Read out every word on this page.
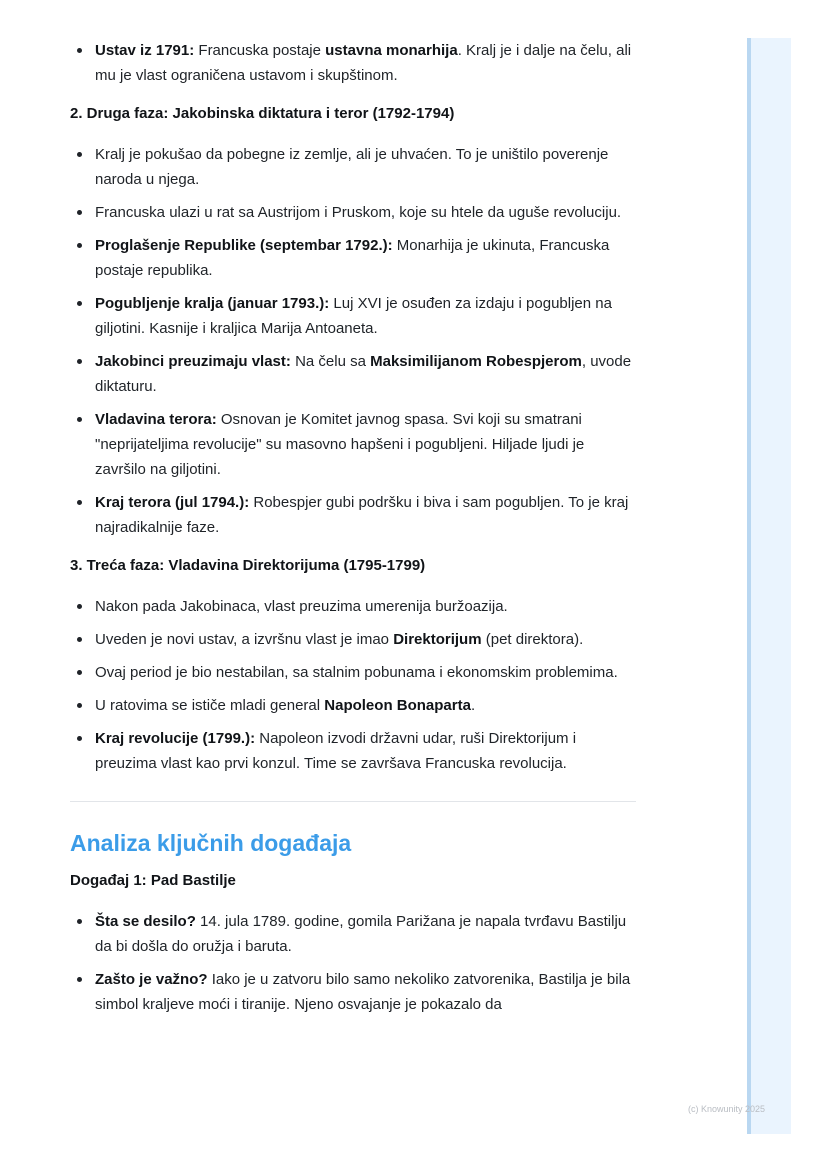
Ustav iz 1791: Francuska postaje ustavna monarhija. Kralj je i dalje na čelu, ali mu je vlast ograničena ustavom i skupštinom.
2. Druga faza: Jakobinska diktatura i teror (1792-1794)
Kralj je pokušao da pobegne iz zemlje, ali je uhvaćen. To je uništilo poverenje naroda u njega.
Francuska ulazi u rat sa Austrijom i Pruskom, koje su htele da uguše revoluciju.
Proglašenje Republike (septembar 1792.): Monarhija je ukinuta, Francuska postaje republika.
Pogubljenje kralja (januar 1793.): Luj XVI je osuđen za izdaju i pogubljen na giljotini. Kasnije i kraljica Marija Antoaneta.
Jakobinci preuzimaju vlast: Na čelu sa Maksimilijanom Robespjerom, uvode diktaturu.
Vladavina terora: Osnovan je Komitet javnog spasa. Svi koji su smatrani "neprijateljima revolucije" su masovno hapšeni i pogubljeni. Hiljade ljudi je završilo na giljotini.
Kraj terora (jul 1794.): Robespjer gubi podršku i biva i sam pogubljen. To je kraj najradikalnije faze.
3. Treća faza: Vladavina Direktorijuma (1795-1799)
Nakon pada Jakobinaca, vlast preuzima umerenija buržoazija.
Uveden je novi ustav, a izvršnu vlast je imao Direktorijum (pet direktora).
Ovaj period je bio nestabilan, sa stalnim pobunama i ekonomskim problemima.
U ratovima se ističe mladi general Napoleon Bonaparta.
Kraj revolucije (1799.): Napoleon izvodi državni udar, ruši Direktorijum i preuzima vlast kao prvi konzul. Time se završava Francuska revolucija.
Analiza ključnih događaja
Događaj 1: Pad Bastilje
Šta se desilo? 14. jula 1789. godine, gomila Parižana je napala tvrđavu Bastilju da bi došla do oružja i baruta.
Zašto je važno? Iako je u zatvoru bilo samo nekoliko zatvorenika, Bastilja je bila simbol kraljeve moći i tiranije. Njeno osvajanje je pokazalo da
(c) Knowunity 2025
